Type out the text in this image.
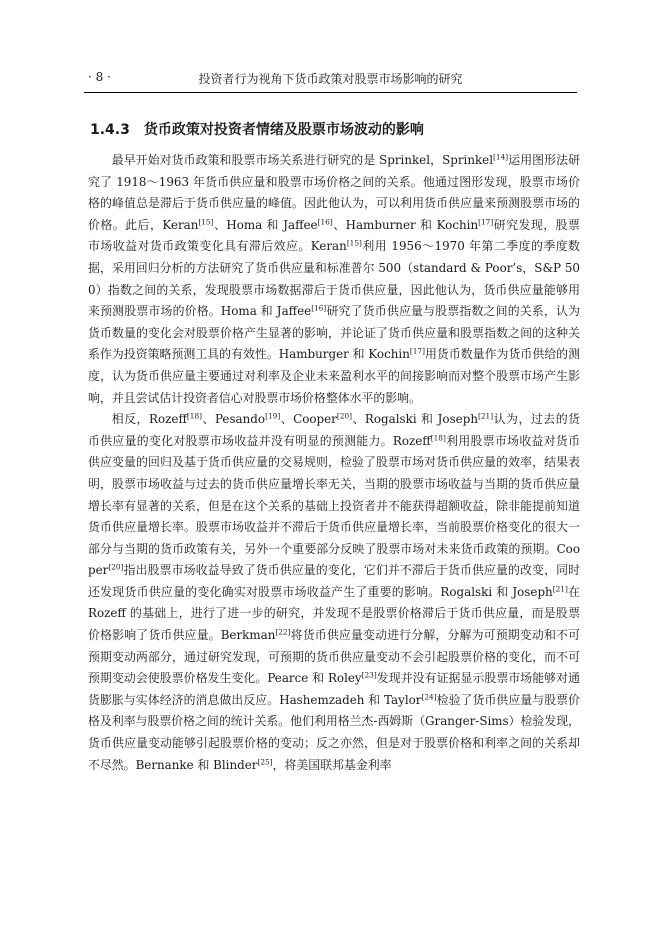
· 8 ·	投资者行为视角下货币政策对股票市场影响的研究
1.4.3 货币政策对投资者情绪及股票市场波动的影响

最早开始对货币政策和股票市场关系进行研究的是 Sprinkel，Sprinkel[14]运用图形法研究了 1918～1963 年货币供应量和股票市场价格之间的关系。他通过图形发现，股票市场价格的峰值总是滞后于货币供应量的峰值。因此他认为，可以利用货币供应量来预测股票市场的价格。此后，Keran[15]、Homa 和 Jaffee[16]、Hamburner 和 Kochin[17]研究发现，股票市场收益对货币政策变化具有滞后效应。Keran[15]利用 1956～1970 年第二季度的季度数据，采用回归分析的方法研究了货币供应量和标准普尔 500（standard & Poor’s，S&P 500）指数之间的关系，发现股票市场数据滞后于货币供应量，因此他认为，货币供应量能够用来预测股票市场的价格。Homa 和 Jaffee[16]研究了货币供应量与股票指数之间的关系，认为货币数量的变化会对股票价格产生显著的影响，并论证了货币供应量和股票指数之间的这种关系作为投资策略预测工具的有效性。Hamburger 和 Kochin[17]用货币数量作为货币供给的测度，认为货币供应量主要通过对利率及企业未来盈利水平的间接影响而对整个股票市场产生影响，并且尝试估计投资者信心对股票市场价格整体水平的影响。

相反，Rozeff[18]、Pesando[19]、Cooper[20]、Rogalski 和 Joseph[21]认为，过去的货币供应量的变化对股票市场收益并没有明显的预测能力。Rozeff[18]利用股票市场收益对货币供应变量的回归及基于货币供应量的交易规则，检验了股票市场对货币供应量的效率，结果表明，股票市场收益与过去的货币供应量增长率无关，当期的股票市场收益与当期的货币供应量增长率有显著的关系，但是在这个关系的基础上投资者并不能获得超额收益，除非能提前知道货币供应量增长率。股票市场收益并不滞后于货币供应量增长率，当前股票价格变化的很大一部分与当期的货币政策有关，另外一个重要部分反映了股票市场对未来货币政策的预期。Cooper[20]指出股票市场收益导致了货币供应量的变化，它们并不滞后于货币供应量的改变，同时还发现货币供应量的变化确实对股票市场收益产生了重要的影响。Rogalski 和 Joseph[21]在 Rozeff 的基础上，进行了进一步的研究，并发现不是股票价格滞后于货币供应量，而是股票价格影响了货币供应量。Berkman[22]将货币供应量变动进行分解，分解为可预期变动和不可预期变动两部分，通过研究发现，可预期的货币供应量变动不会引起股票价格的变化，而不可预期变动会使股票价格发生变化。Pearce 和 Roley[23]发现并没有证据显示股票市场能够对通货膨胀与实体经济的消息做出反应。Hashemzadeh 和 Taylor[24]检验了货币供应量与股票价格及利率与股票价格之间的统计关系。他们利用格兰杰-西姆斯（Granger-Sims）检验发现，货币供应量变动能够引起股票价格的变动；反之亦然，但是对于股票价格和利率之间的关系却不尽然。Bernanke 和 Blinder[25]，将美国联邦基金利率
